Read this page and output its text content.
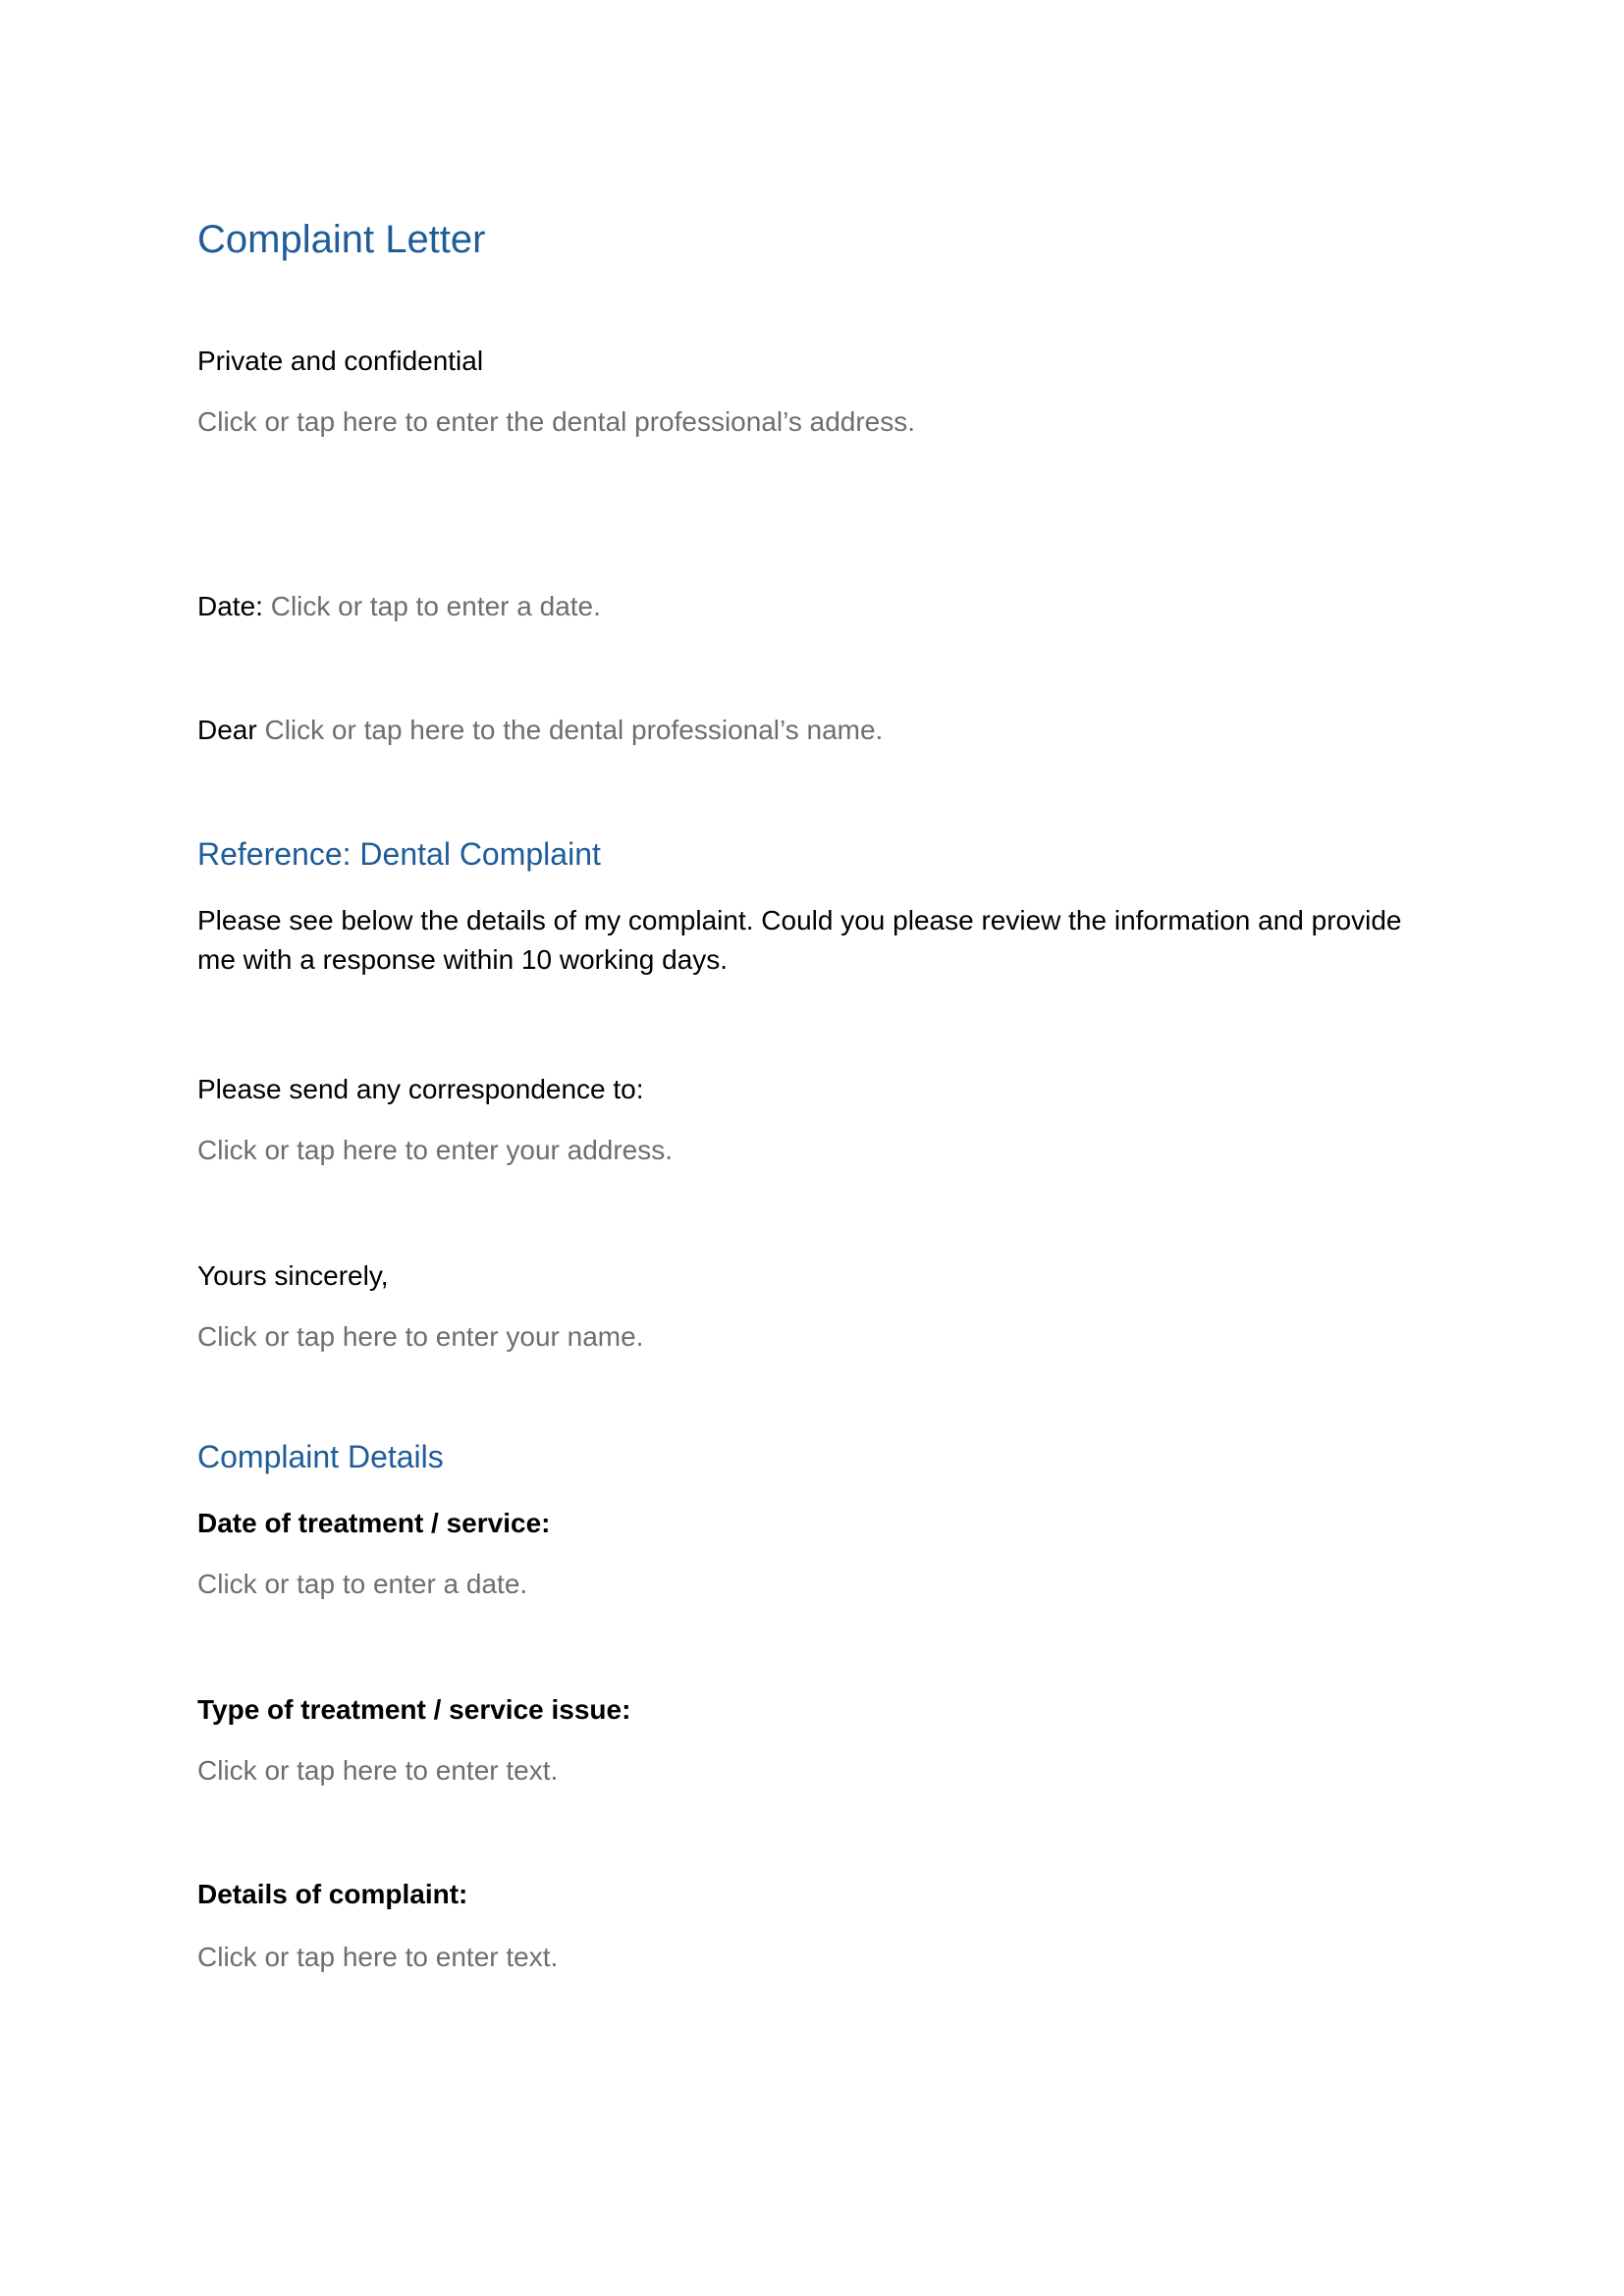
Complaint Letter

Private and confidential

Click or tap here to enter the dental professional’s address.

Date: Click or tap to enter a date.

Dear Click or tap here to the dental professional’s name.

Reference: Dental Complaint

Please see below the details of my complaint. Could you please review the information and provide me with a response within 10 working days.

Please send any correspondence to:

Click or tap here to enter your address.

Yours sincerely,

Click or tap here to enter your name.

Complaint Details

Date of treatment / service:

Click or tap to enter a date.

Type of treatment / service issue:

Click or tap here to enter text.

Details of complaint:

Click or tap here to enter text.
